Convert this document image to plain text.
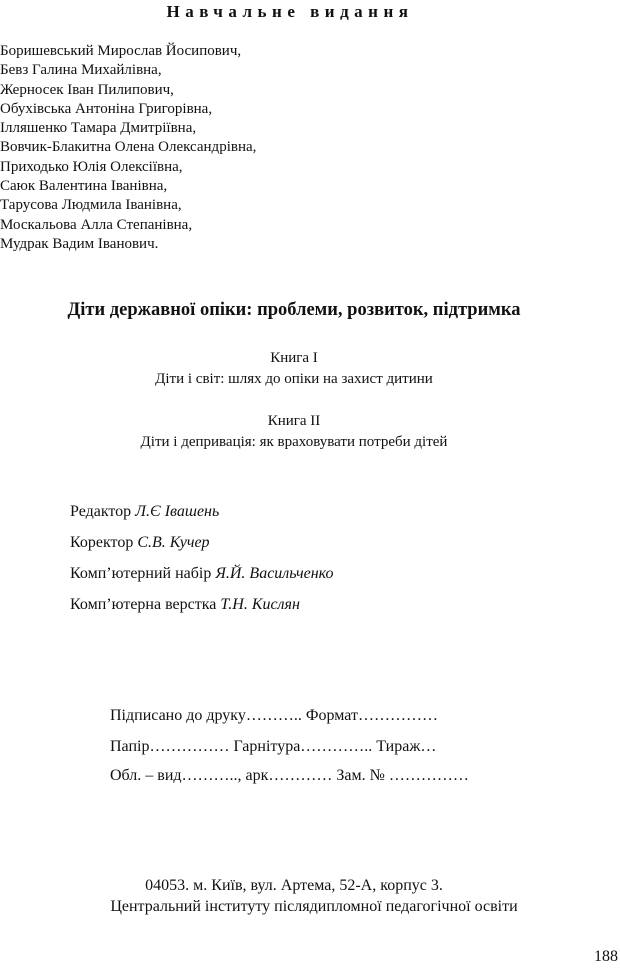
Навчальне видання
Боришевський Мирослав Йосипович,
Бевз Галина Михайлівна,
Жерносек Іван Пилипович,
Обухівська Антоніна Григорівна,
Ілляшенко Тамара Дмитріївна,
Вовчик-Блакитна Олена Олександрівна,
Приходько Юлія Олексіївна,
Саюк Валентина Іванівна,
Тарусова Людмила Іванівна,
Москальова Алла Степанівна,
Мудрак Вадим Іванович.
Діти державної опіки: проблеми, розвиток, підтримка
Книга І
Діти і світ: шлях до опіки на захист дитини
Книга ІІ
Діти і депривація: як враховувати потреби дітей
Редактор Л.Є Івашень
Коректор С.В. Кучер
Комп’ютерний набір Я.Й. Васильченко
Комп’ютерна верстка Т.Н. Кислян
Підписано до друку……….. Формат……………
Папір…………… Гарнітура………….. Тираж…
Обл. – вид……….., арк………… Зам. № ……………
04053. м. Київ, вул. Артема, 52-А, корпус 3.
Центральний інституту післядипломної педагогічної освіти
188
